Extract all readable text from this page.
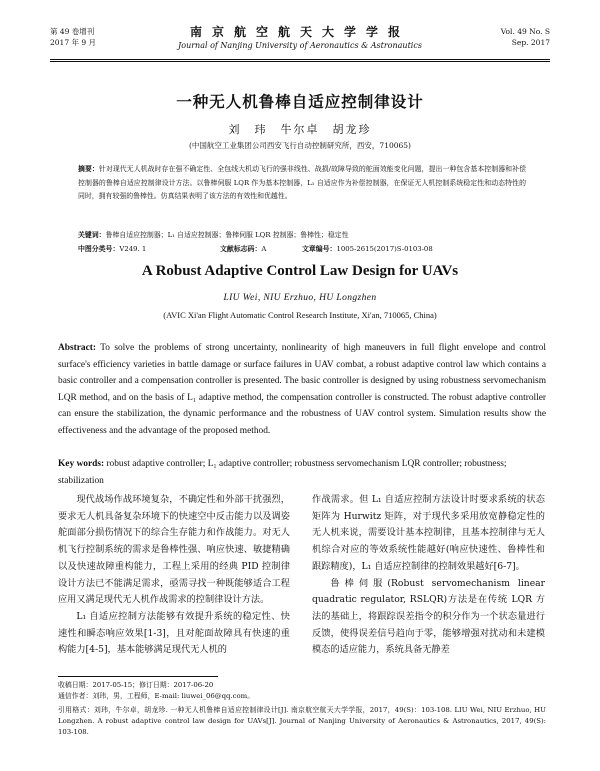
第 49 卷增刊
2017 年 9 月
南京航空航天大学学报
Journal of Nanjing University of Aeronautics & Astronautics
Vol. 49 No. S
Sep. 2017
一种无人机鲁棒自适应控制律设计
刘　玮　牛尔卓　胡龙珍
(中国航空工业集团公司西安飞行自动控制研究所，西安，710065)
摘要：针对现代无人机战时存在强不确定性、全包线大机动飞行的强非线性、战损/故障导致的舵面效能变化问题，提出一种包含基本控制器和补偿控制器的鲁棒自适应控制律设计方法。以鲁棒伺服 LQR 作为基本控制器，L₁ 自适应作为补偿控制器，在保证无人机控制系统稳定性和动态特性的同时，拥有较强的鲁棒性。仿真结果表明了该方法的有效性和优越性。
关键词：鲁棒自适应控制器；L₁ 自适应控制器；鲁棒伺服 LQR 控制器；鲁棒性；稳定性
中图分类号：V249. 1	文献标志码：A	文章编号：1005-2615(2017)S-0103-08
A Robust Adaptive Control Law Design for UAVs
LIU Wei, NIU Erzhuo, HU Longzhen
(AVIC Xi'an Flight Automatic Control Research Institute, Xi'an, 710065, China)
Abstract: To solve the problems of strong uncertainty, nonlinearity of high maneuvers in full flight envelope and control surface's efficiency varieties in battle damage or surface failures in UAV combat, a robust adaptive control law which contains a basic controller and a compensation controller is presented. The basic controller is designed by using robustness servomechanism LQR method, and on the basis of L₁ adaptive method, the compensation controller is constructed. The robust adaptive controller can ensure the stabilization, the dynamic performance and the robustness of UAV control system. Simulation results show the effectiveness and the advantage of the proposed method.
Key words: robust adaptive controller; L₁ adaptive controller; robustness servomechanism LQR controller; robustness; stabilization

现代战场作战环境复杂，不确定性和外部干扰强烈，要求无人机具备复杂环境下的快速空中反击能力以及调姿舵面部分损伤情况下的综合生存能力和作战能力。对无人机飞行控制系统的需求是鲁棒性强、响应快速、敏捷精确以及快速故障重构能力，工程上采用的经典 PID 控制律设计方法已不能满足需求，亟需寻找一种既能够适合工程应用又满足现代无人机作战需求的控制律设计方法。

L₁ 自适应控制方法能够有效提升系统的稳定性、快速性和瞬态响应效果[1-3]，且对舵面故障具有快速的重构能力[4-5]，基本能够满足现代无人机的

作战需求。但 L₁ 自适应控制方法设计时要求系统的状态矩阵为 Hurwitz 矩阵，对于现代多采用放宽静稳定性的无人机来说，需要设计基本控制律，且基本控制律与无人机综合对应的等效系统性能越好(响应快速性、鲁棒性和跟踪精度)，L₁ 自适应控制律的控制效果越好[6-7]。

鲁棒伺服(Robust servomechanism linear quadratic regulator, RSLQR)方法是在传统 LQR 方法的基础上，将跟踪误差指令的积分作为一个状态量进行反馈，使得误差信号趋向于零，能够增强对扰动和未建模模态的适应能力，系统具备无静差

收稿日期：2017-05-15；修订日期：2017-06-20
通信作者：刘玮，男，工程师，E-mail: liuwei_06@qq.com。
引用格式：刘玮，牛尔卓，胡龙珍. 一种无人机鲁棒自适应控制律设计[J]. 南京航空航天大学学报，2017，49(S)：103-108. LIU Wei, NIU Erzhuo, HU Longzhen. A robust adaptive control law design for UAVs[J]. Journal of Nanjing University of Aeronautics & Astronautics, 2017, 49(S): 103-108.
